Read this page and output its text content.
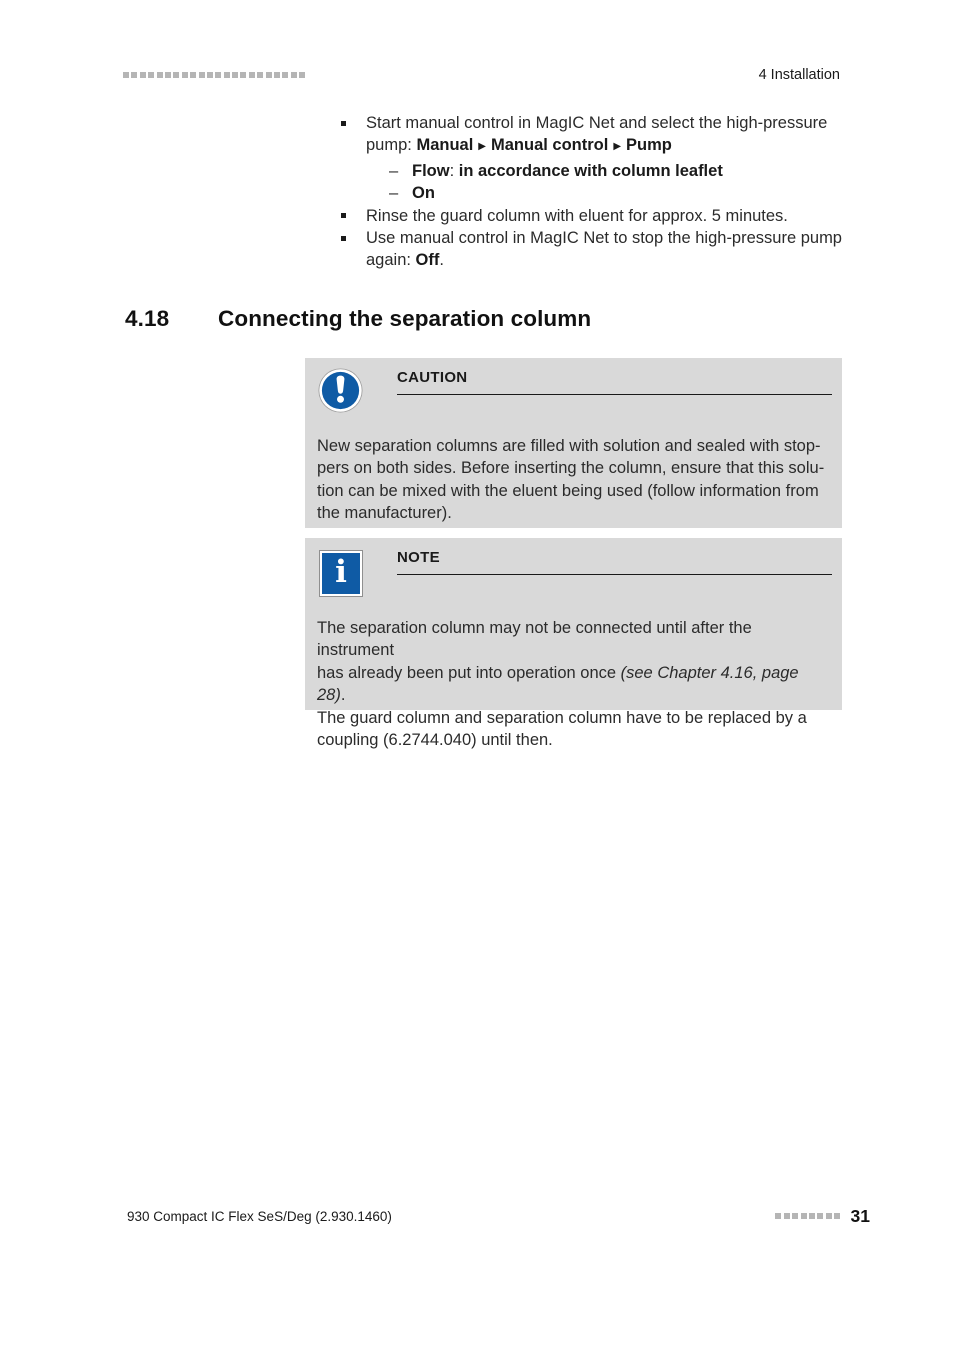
4 Installation
Start manual control in MagIC Net and select the high-pressure
pump: Manual ▶ Manual control ▶ Pump
– Flow: in accordance with column leaflet
– On
Rinse the guard column with eluent for approx. 5 minutes.
Use manual control in MagIC Net to stop the high-pressure pump
again: Off.
4.18	Connecting the separation column
CAUTION
New separation columns are filled with solution and sealed with stop-
pers on both sides. Before inserting the column, ensure that this solu-
tion can be mixed with the eluent being used (follow information from
the manufacturer).
i	NOTE
The separation column may not be connected until after the instrument
has already been put into operation once (see Chapter 4.16, page 28).
The guard column and separation column have to be replaced by a
coupling (6.2744.040) until then.
930 Compact IC Flex SeS/Deg (2.930.1460)	31
